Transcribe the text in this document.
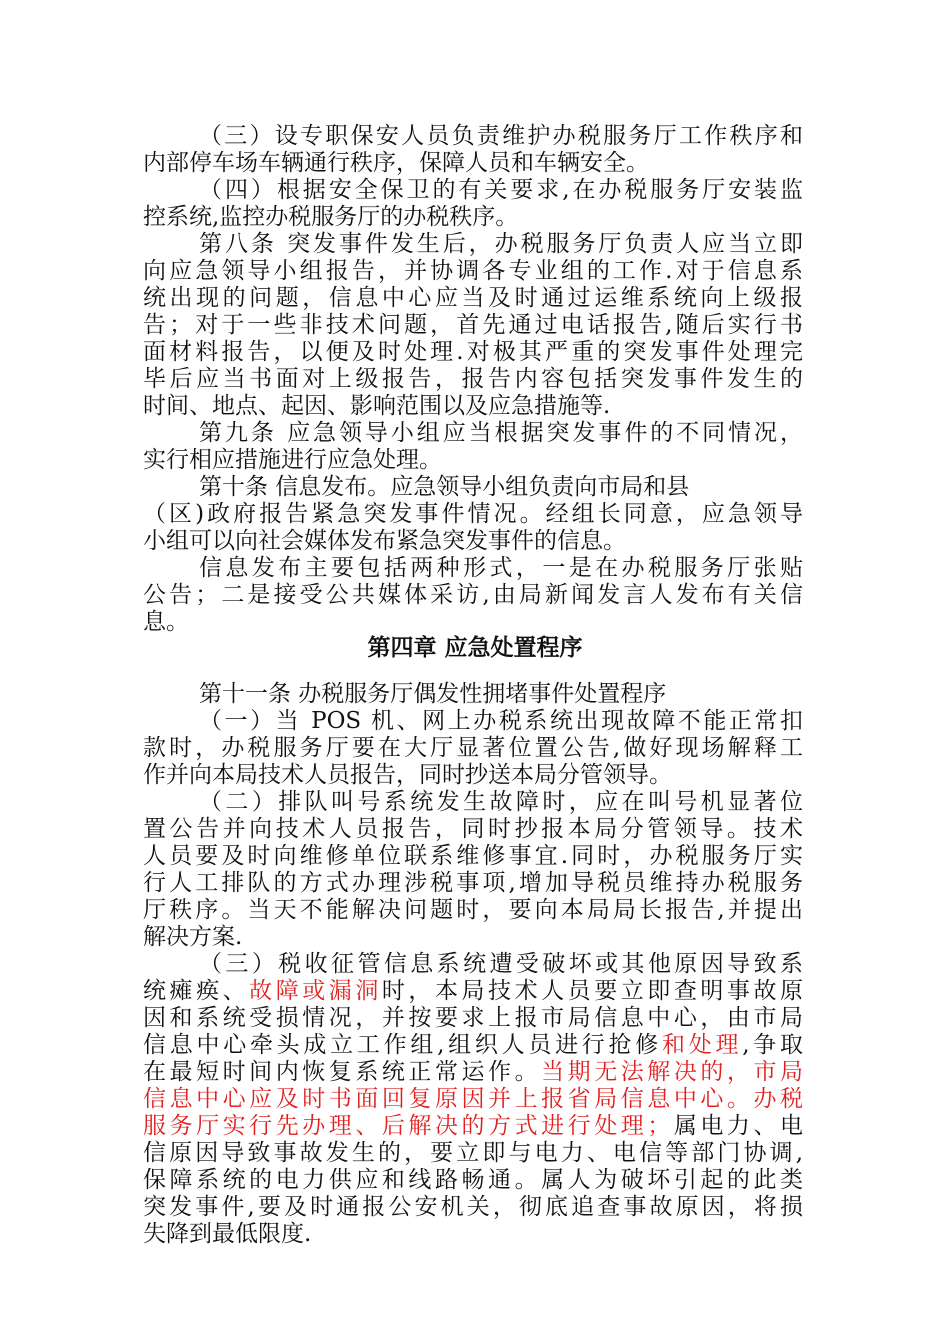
（三）设专职保安人员负责维护办税服务厅工作秩序和
内部停车场车辆通行秩序，保障人员和车辆安全。
（四）根据安全保卫的有关要求,在办税服务厅安装监
控系统,监控办税服务厅的办税秩序。
第八条 突发事件发生后，办税服务厅负责人应当立即
向应急领导小组报告，并协调各专业组的工作.对于信息系
统出现的问题，信息中心应当及时通过运维系统向上级报
告；对于一些非技术问题，首先通过电话报告,随后实行书
面材料报告，以便及时处理.对极其严重的突发事件处理完
毕后应当书面对上级报告，报告内容包括突发事件发生的
时间、地点、起因、影响范围以及应急措施等.
第九条 应急领导小组应当根据突发事件的不同情况，
实行相应措施进行应急处理。
第十条 信息发布。应急领导小组负责向市局和县
（区)政府报告紧急突发事件情况。经组长同意，应急领导
小组可以向社会媒体发布紧急突发事件的信息。
信息发布主要包括两种形式，一是在办税服务厅张贴
公告；二是接受公共媒体采访,由局新闻发言人发布有关信
息。
第四章 应急处置程序
第十一条 办税服务厅偶发性拥堵事件处置程序
（一）当 POS 机、网上办税系统出现故障不能正常扣
款时，办税服务厅要在大厅显著位置公告,做好现场解释工
作并向本局技术人员报告，同时抄送本局分管领导。
（二）排队叫号系统发生故障时，应在叫号机显著位
置公告并向技术人员报告，同时抄报本局分管领导。技术
人员要及时向维修单位联系维修事宜.同时，办税服务厅实
行人工排队的方式办理涉税事项,增加导税员维持办税服务
厅秩序。当天不能解决问题时，要向本局局长报告,并提出
解决方案.
（三）税收征管信息系统遭受破坏或其他原因导致系
统瘫痪、故障或漏洞时，本局技术人员要立即查明事故原
因和系统受损情况，并按要求上报市局信息中心，由市局
信息中心牵头成立工作组,组织人员进行抢修和处理,争取
在最短时间内恢复系统正常运作。当期无法解决的，市局
信息中心应及时书面回复原因并上报省局信息中心。办税
服务厅实行先办理、后解决的方式进行处理；属电力、电
信原因导致事故发生的，要立即与电力、电信等部门协调,
保障系统的电力供应和线路畅通。属人为破坏引起的此类
突发事件,要及时通报公安机关，彻底追查事故原因，将损
失降到最低限度.
